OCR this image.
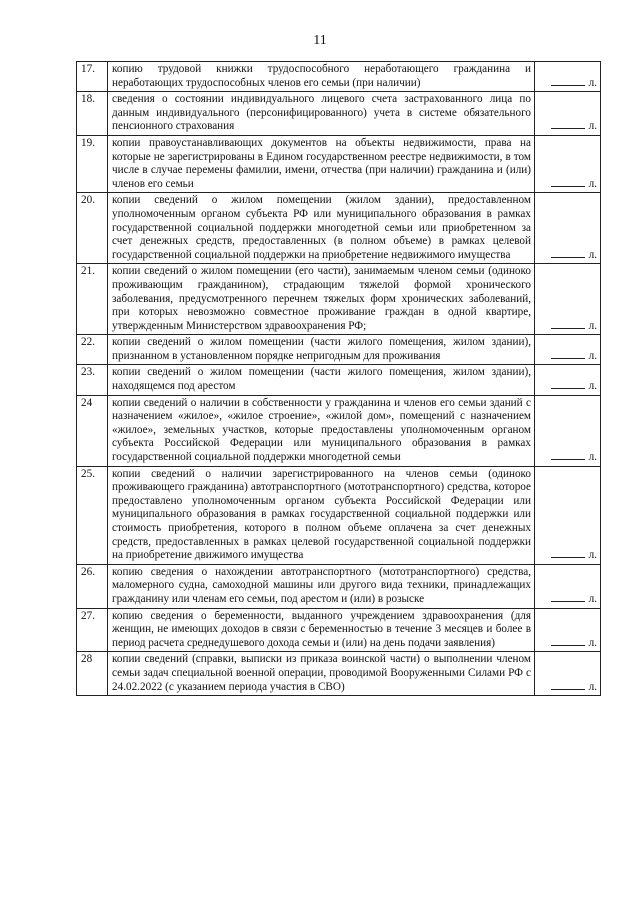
11
17.	копию трудовой книжки трудоспособного неработающего гражданина и неработающих трудоспособных членов его семьи (при наличии)	л.
18.	сведения о состоянии индивидуального лицевого счета застрахованного лица по данным индивидуального (персонифицированного) учета в системе обязательного пенсионного страхования	л.
19.	копии правоустанавливающих документов на объекты недвижимости, права на которые не зарегистрированы в Едином государственном реестре недвижимости, в том числе в случае перемены фамилии, имени, отчества (при наличии) гражданина и (или) членов его семьи	л.
20.	копии сведений о жилом помещении (жилом здании), предоставленном уполномоченным органом субъекта РФ или муниципального образования в рамках государственной социальной поддержки многодетной семьи или приобретенном за счет денежных средств, предоставленных (в полном объеме) в рамках целевой государственной социальной поддержки на приобретение недвижимого имущества	л.
21.	копии сведений о жилом помещении (его части), занимаемым членом семьи (одиноко проживающим гражданином), страдающим тяжелой формой хронического заболевания, предусмотренного перечнем тяжелых форм хронических заболеваний, при которых невозможно совместное проживание граждан в одной квартире, утвержденным Министерством здравоохранения РФ;	л.
22.	копии сведений о жилом помещении (части жилого помещения, жилом здании), признанном в установленном порядке непригодным для проживания	л.
23.	копии сведений о жилом помещении (части жилого помещения, жилом здании), находящемся под арестом	л.
24	копии сведений о наличии в собственности у гражданина и членов его семьи зданий с назначением «жилое», «жилое строение», «жилой дом», помещений с назначением «жилое», земельных участков, которые предоставлены уполномоченным органом субъекта Российской Федерации или муниципального образования в рамках государственной социальной поддержки многодетной семьи	л.
25.	копии сведений о наличии зарегистрированного на членов семьи (одиноко проживающего гражданина) автотранспортного (мототранспортного) средства, которое предоставлено уполномоченным органом субъекта Российской Федерации или муниципального образования в рамках государственной социальной поддержки или стоимость приобретения, которого в полном объеме оплачена за счет денежных средств, предоставленных в рамках целевой государственной социальной поддержки на приобретение движимого имущества	л.
26.	копию сведения о нахождении автотранспортного (мототранспортного) средства, маломерного судна, самоходной машины или другого вида техники, принадлежащих гражданину или членам его семьи, под арестом и (или) в розыске	л.
27.	копию сведения о беременности, выданного учреждением здравоохранения (для женщин, не имеющих доходов в связи с беременностью в течение 3 месяцев и более в период расчета среднедушевого дохода семьи и (или) на день подачи заявления)	л.
28	копии сведений (справки, выписки из приказа воинской части) о выполнении членом семьи задач специальной военной операции, проводимой Вооруженными Силами РФ с 24.02.2022 (с указанием периода участия в СВО)	л.
